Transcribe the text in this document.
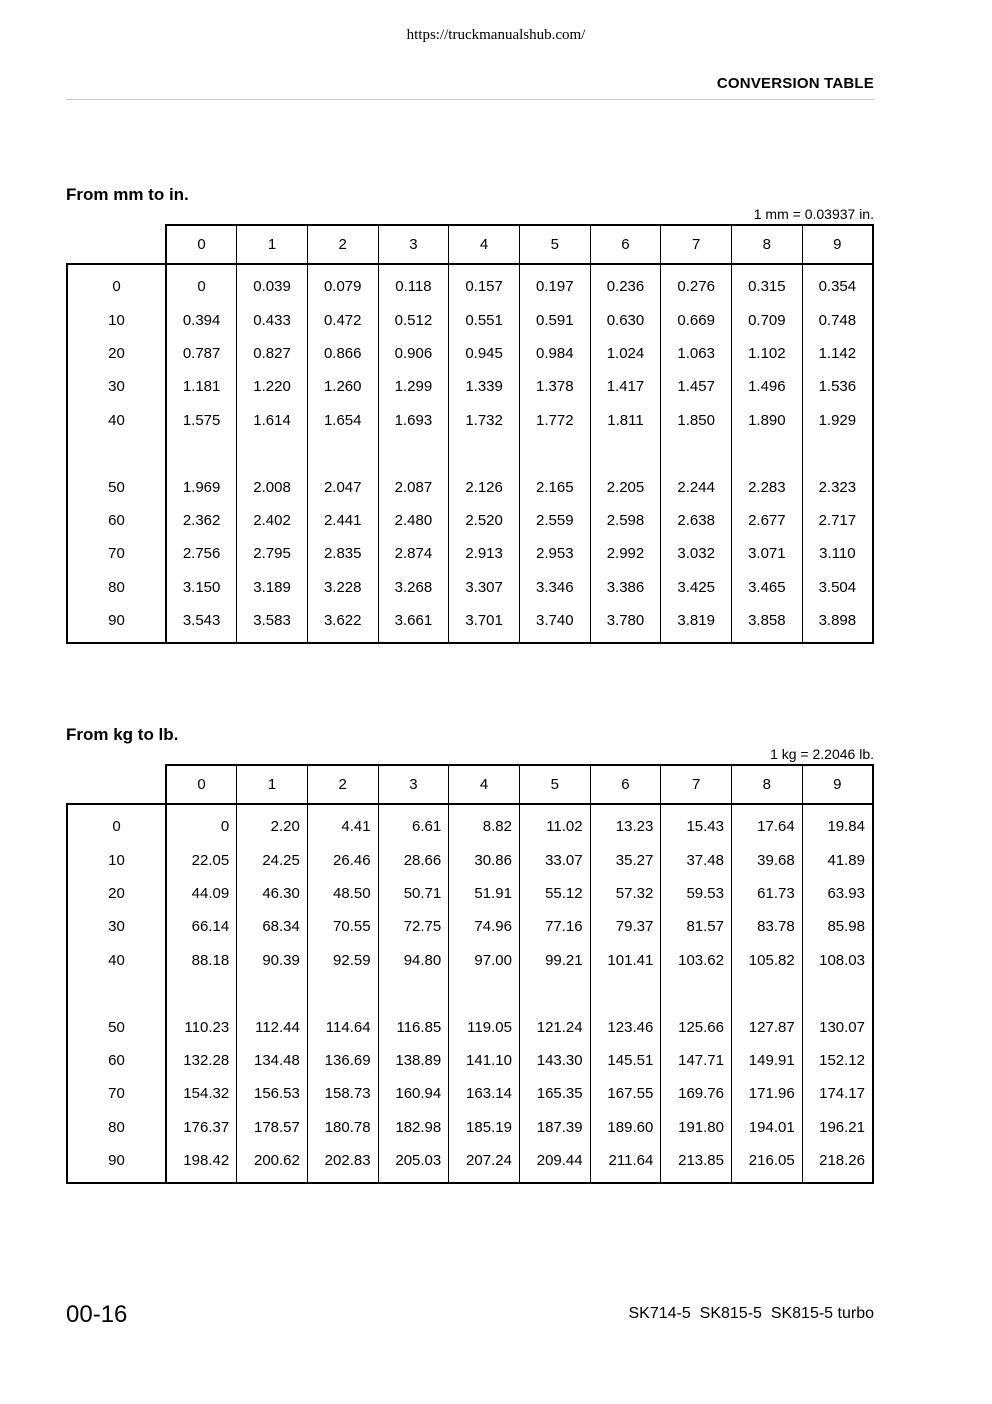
https://truckmanualshub.com/
CONVERSION TABLE
From mm to in.
1 mm = 0.03937 in.
	0	1	2	3	4	5	6	7	8	9
0	0	0.039	0.079	0.118	0.157	0.197	0.236	0.276	0.315	0.354
10	0.394	0.433	0.472	0.512	0.551	0.591	0.630	0.669	0.709	0.748
20	0.787	0.827	0.866	0.906	0.945	0.984	1.024	1.063	1.102	1.142
30	1.181	1.220	1.260	1.299	1.339	1.378	1.417	1.457	1.496	1.536
40	1.575	1.614	1.654	1.693	1.732	1.772	1.811	1.850	1.890	1.929

50	1.969	2.008	2.047	2.087	2.126	2.165	2.205	2.244	2.283	2.323
60	2.362	2.402	2.441	2.480	2.520	2.559	2.598	2.638	2.677	2.717
70	2.756	2.795	2.835	2.874	2.913	2.953	2.992	3.032	3.071	3.110
80	3.150	3.189	3.228	3.268	3.307	3.346	3.386	3.425	3.465	3.504
90	3.543	3.583	3.622	3.661	3.701	3.740	3.780	3.819	3.858	3.898
From kg to lb.
1 kg = 2.2046 lb.
	0	1	2	3	4	5	6	7	8	9
0	0	2.20	4.41	6.61	8.82	11.02	13.23	15.43	17.64	19.84
10	22.05	24.25	26.46	28.66	30.86	33.07	35.27	37.48	39.68	41.89
20	44.09	46.30	48.50	50.71	51.91	55.12	57.32	59.53	61.73	63.93
30	66.14	68.34	70.55	72.75	74.96	77.16	79.37	81.57	83.78	85.98
40	88.18	90.39	92.59	94.80	97.00	99.21	101.41	103.62	105.82	108.03

50	110.23	112.44	114.64	116.85	119.05	121.24	123.46	125.66	127.87	130.07
60	132.28	134.48	136.69	138.89	141.10	143.30	145.51	147.71	149.91	152.12
70	154.32	156.53	158.73	160.94	163.14	165.35	167.55	169.76	171.96	174.17
80	176.37	178.57	180.78	182.98	185.19	187.39	189.60	191.80	194.01	196.21
90	198.42	200.62	202.83	205.03	207.24	209.44	211.64	213.85	216.05	218.26
00-16	SK714-5  SK815-5  SK815-5 turbo
